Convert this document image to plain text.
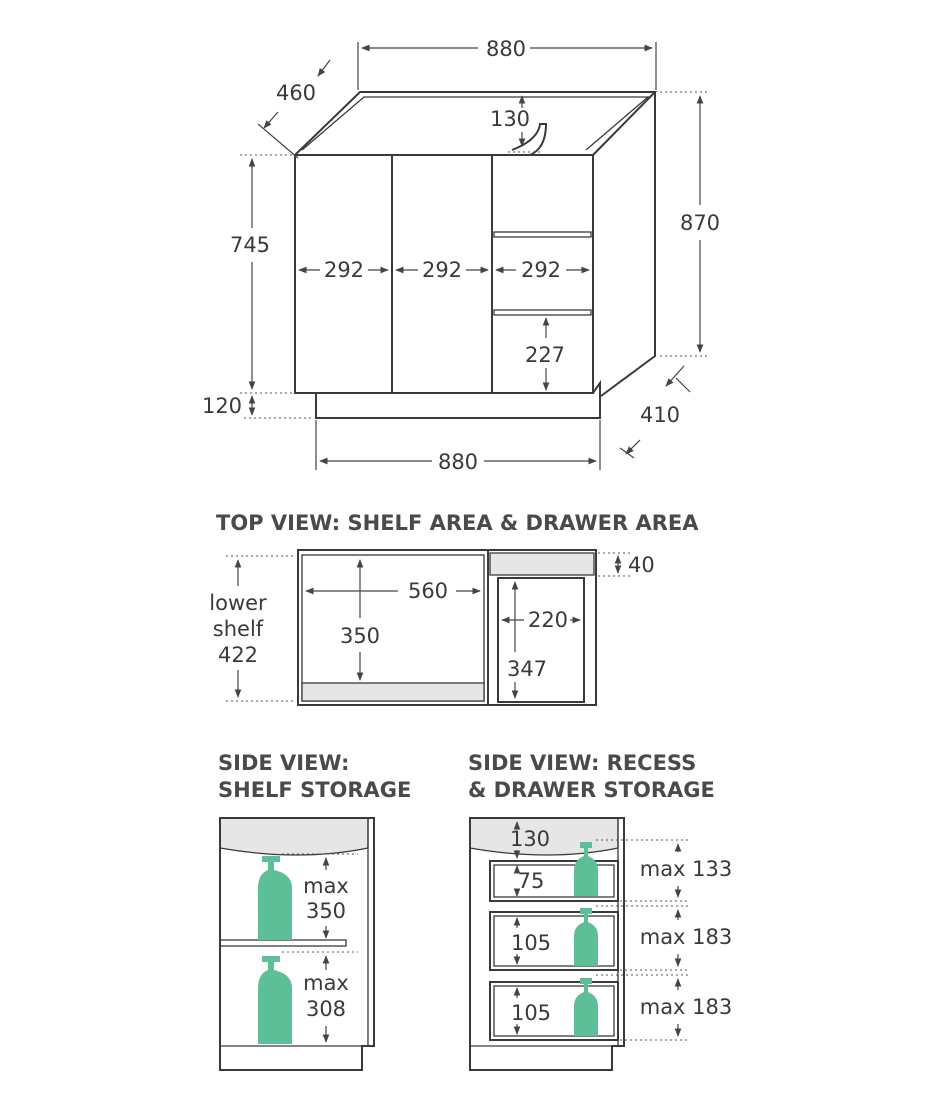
880
460
130
870
745
292	292	292
227
120	410
880
TOP VIEW: SHELF AREA & DRAWER AREA
lower
shelf
422
560
350
220
347
40
SIDE VIEW:
SHELF STORAGE
max
350
max
308
SIDE VIEW: RECESS
& DRAWER STORAGE
130
75
105
105
max 133
max 183
max 183
